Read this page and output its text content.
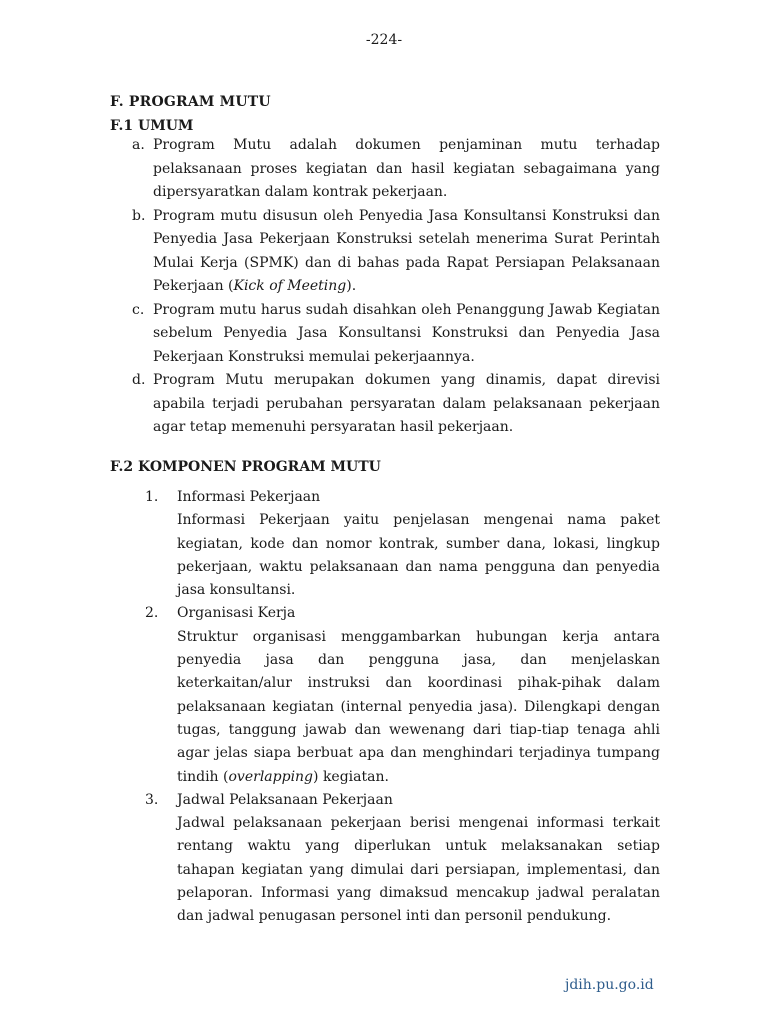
-224-
F. PROGRAM MUTU
F.1 UMUM
a. Program Mutu adalah dokumen penjaminan mutu terhadap pelaksanaan proses kegiatan dan hasil kegiatan sebagaimana yang dipersyaratkan dalam kontrak pekerjaan.
b. Program mutu disusun oleh Penyedia Jasa Konsultansi Konstruksi dan Penyedia Jasa Pekerjaan Konstruksi setelah menerima Surat Perintah Mulai Kerja (SPMK) dan di bahas pada Rapat Persiapan Pelaksanaan Pekerjaan (Kick of Meeting).
c. Program mutu harus sudah disahkan oleh Penanggung Jawab Kegiatan sebelum Penyedia Jasa Konsultansi Konstruksi dan Penyedia Jasa Pekerjaan Konstruksi memulai pekerjaannya.
d. Program Mutu merupakan dokumen yang dinamis, dapat direvisi apabila terjadi perubahan persyaratan dalam pelaksanaan pekerjaan agar tetap memenuhi persyaratan hasil pekerjaan.
F.2 KOMPONEN PROGRAM MUTU
1.	Informasi Pekerjaan
Informasi Pekerjaan yaitu penjelasan mengenai nama paket kegiatan, kode dan nomor kontrak, sumber dana, lokasi, lingkup pekerjaan, waktu pelaksanaan dan nama pengguna dan penyedia jasa konsultansi.
2.	Organisasi Kerja
Struktur organisasi menggambarkan hubungan kerja antara penyedia jasa dan pengguna jasa, dan menjelaskan keterkaitan/alur instruksi dan koordinasi pihak-pihak dalam pelaksanaan kegiatan (internal penyedia jasa). Dilengkapi dengan tugas, tanggung jawab dan wewenang dari tiap-tiap tenaga ahli agar jelas siapa berbuat apa dan menghindari terjadinya tumpang tindih (overlapping) kegiatan.
3.	Jadwal Pelaksanaan Pekerjaan
Jadwal pelaksanaan pekerjaan berisi mengenai informasi terkait rentang waktu yang diperlukan untuk melaksanakan setiap tahapan kegiatan yang dimulai dari persiapan, implementasi, dan pelaporan. Informasi yang dimaksud mencakup jadwal peralatan dan jadwal penugasan personel inti dan personil pendukung.
jdih.pu.go.id
